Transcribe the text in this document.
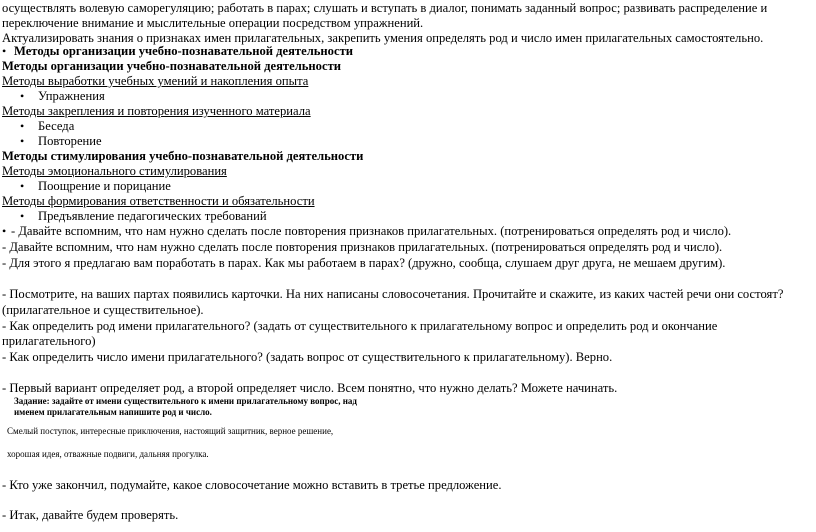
осуществлять волевую саморегуляцию; работать в парах; слушать и вступать в диалог, понимать заданный вопрос; развивать распределение и
переключение внимание и мыслительные операции посредством упражнений.
Актуализировать знания о признаках имен прилагательных, закрепить умения определять род и число имен прилагательных самостоятельно.
• Методы организации учебно-познавательной деятельности
Методы организации учебно-познавательной деятельности
Методы выработки учебных умений и накопления опыта
• Упражнения
Методы закрепления и повторения изученного материала
• Беседа
• Повторение
Методы стимулирования учебно-познавательной деятельности
Методы эмоционального стимулирования
• Поощрение и порицание
Методы формирования ответственности и обязательности
• Предъявление педагогических требований
• - Давайте вспомним, что нам нужно сделать после повторения признаков прилагательных. (потренироваться определять род и число).
- Давайте вспомним, что нам нужно сделать после повторения признаков прилагательных. (потренироваться определять род и число).
- Для этого я предлагаю вам поработать в парах. Как мы работаем в парах? (дружно, сообща, слушаем друг друга, не мешаем другим).
- Посмотрите, на ваших партах появились карточки. На них написаны словосочетания. Прочитайте и скажите, из каких частей речи они состоят?
(прилагательное и существительное).
- Как определить род имени прилагательного? (задать от существительного к прилагательному вопрос и определить род и окончание
прилагательного)
- Как определить число имени прилагательного? (задать вопрос от существительного к прилагательному). Верно.
- Первый вариант определяет род, а второй определяет число. Всем понятно, что нужно делать? Можете начинать.
Задание: задайте от имени существительного к имени прилагательному вопрос, над
именем прилагательным напишите род и число.
Смелый поступок, интересные приключения, настоящий защитник, верное решение,
хорошая идея, отважные подвиги, дальняя прогулка.
- Кто уже закончил, подумайте, какое словосочетание можно вставить в третье предложение.
- Итак, давайте будем проверять.
